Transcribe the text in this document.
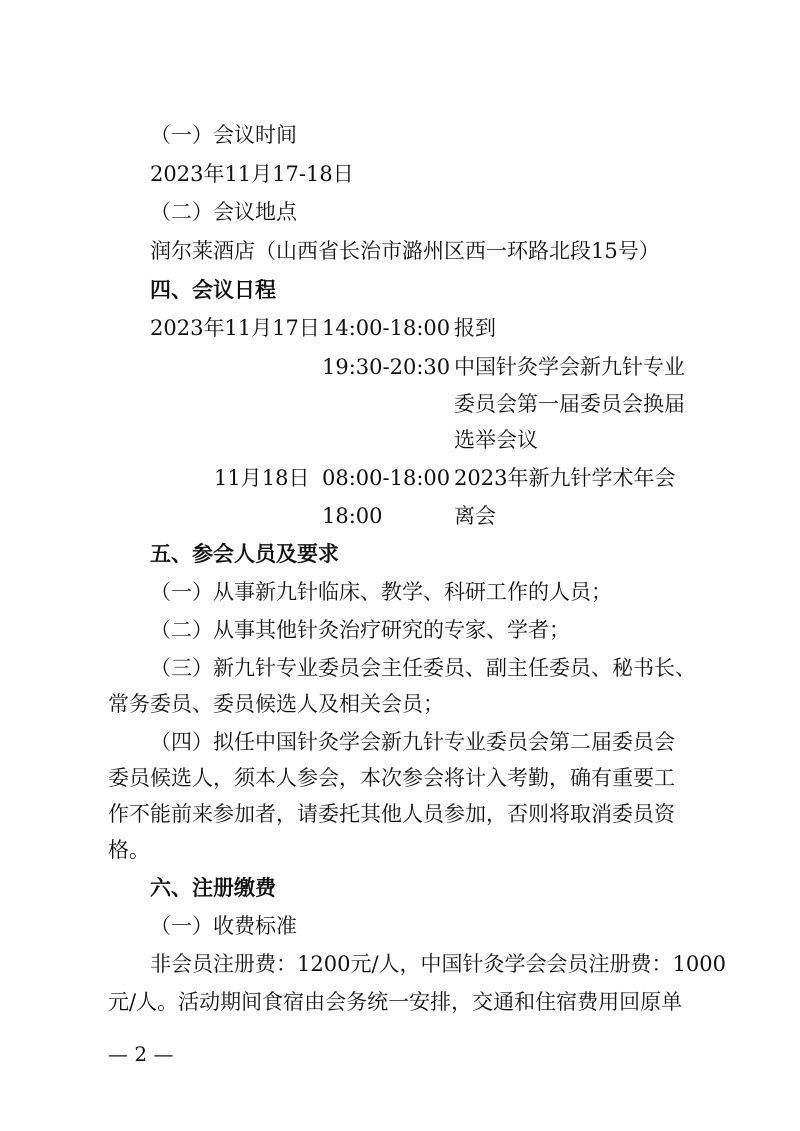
（一）会议时间
2023年11月17-18日
（二）会议地点
润尔莱酒店（山西省长治市潞州区西一环路北段15号）
四、会议日程
2023年11月17日 14:00-18:00 报到
19:30-20:30 中国针灸学会新九针专业
委员会第一届委员会换届
选举会议
11月18日 08:00-18:00 2023年新九针学术年会
18:00	离会
五、参会人员及要求
（一）从事新九针临床、教学、科研工作的人员；
（二）从事其他针灸治疗研究的专家、学者；
（三）新九针专业委员会主任委员、副主任委员、秘书长、
常务委员、委员候选人及相关会员；
（四）拟任中国针灸学会新九针专业委员会第二届委员会
委员候选人，须本人参会，本次参会将计入考勤，确有重要工
作不能前来参加者，请委托其他人员参加，否则将取消委员资
格。
六、注册缴费
（一）收费标准
非会员注册费：1200元/人，中国针灸学会会员注册费：1000
元/人。活动期间食宿由会务统一安排，交通和住宿费用回原单
— 2 —
